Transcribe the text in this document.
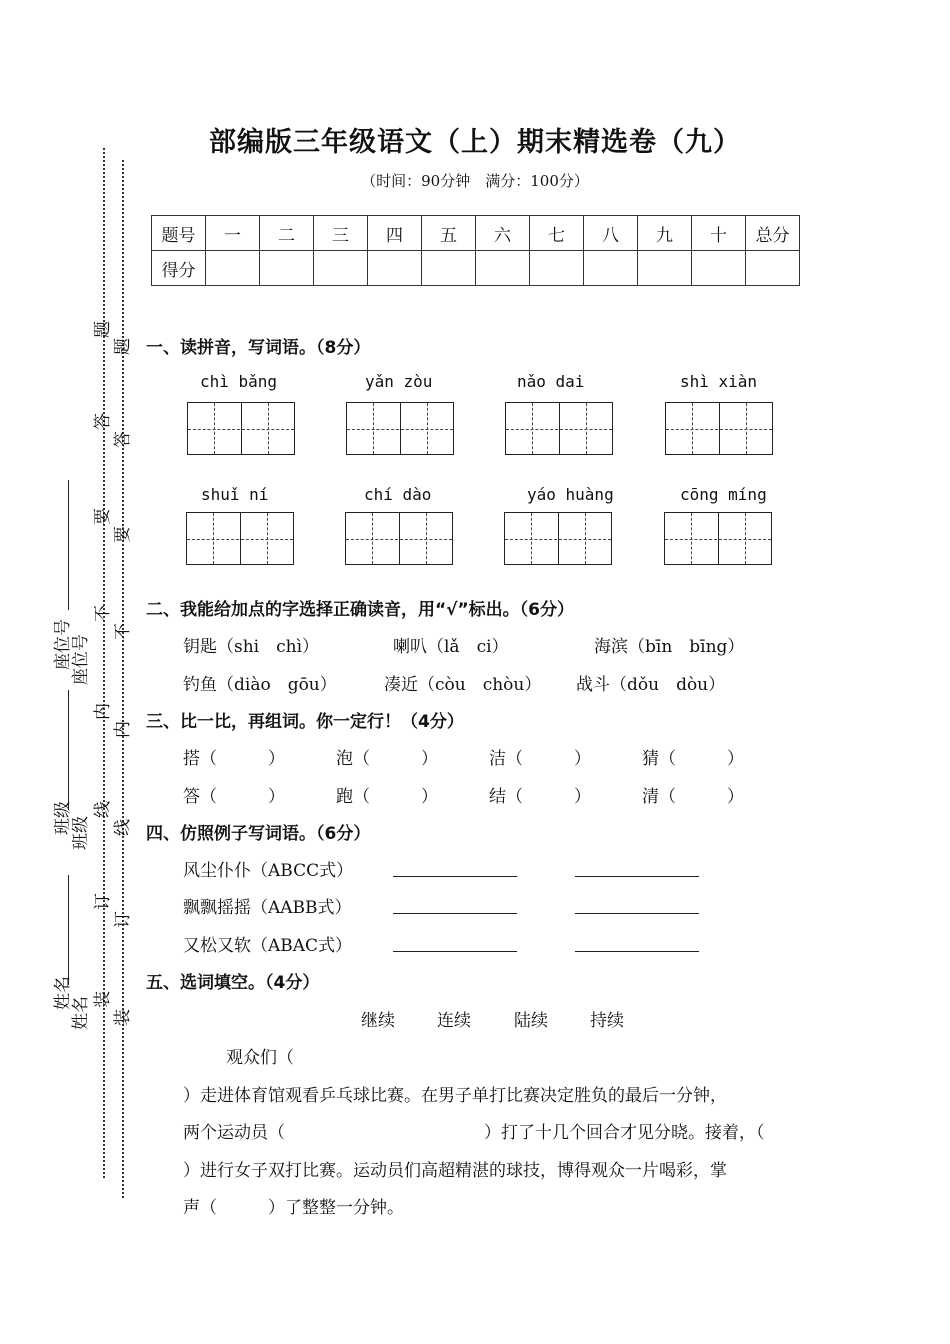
座位号
座位号
班级
班级
姓名
姓名
题
题
答
答
要
要
不
不
内
内
线
线
订
订
装
装
部编版三年级语文（上）期末精选卷（九）
（时间：90分钟　满分：100分）
题号	一	二	三	四	五	六	七	八	九	十	总分
得分											
一、读拼音，写词语。（8分）
chì bǎng	yǎn zòu	nǎo dai	shì xiàn
shuǐ ní	chí dào	yáo huàng	cōng míng
二、我能给加点的字选择正确读音，用“√”标出。（6分）
钥匙（shi　chì）	喇叭（lǎ　ci）	海滨（bīn　bīng）
钓鱼（diào　gōu）	凑近（còu　chòu） 战斗（dǒu　dòu）
三、比一比，再组词。你一定行！（4分）
搭（　　　）	泡（　　　）	洁（　　　）	猜（　　　）
答（　　　）	跑（　　　）	结（　　　）	清（　　　）
四、仿照例子写词语。（6分）
风尘仆仆（ABCC式）
飘飘摇摇（AABB式）
又松又软（ABAC式）
五、选词填空。（4分）
继续 连续	陆续 持续
观众们（
）走进体育馆观看乒乓球比赛。在男子单打比赛决定胜负的最后一分钟，
两个运动员（	）打了十几个回合才见分晓。接着，（
）进行女子双打比赛。运动员们高超精湛的球技，博得观众一片喝彩，掌
声（　　　）了整整一分钟。
